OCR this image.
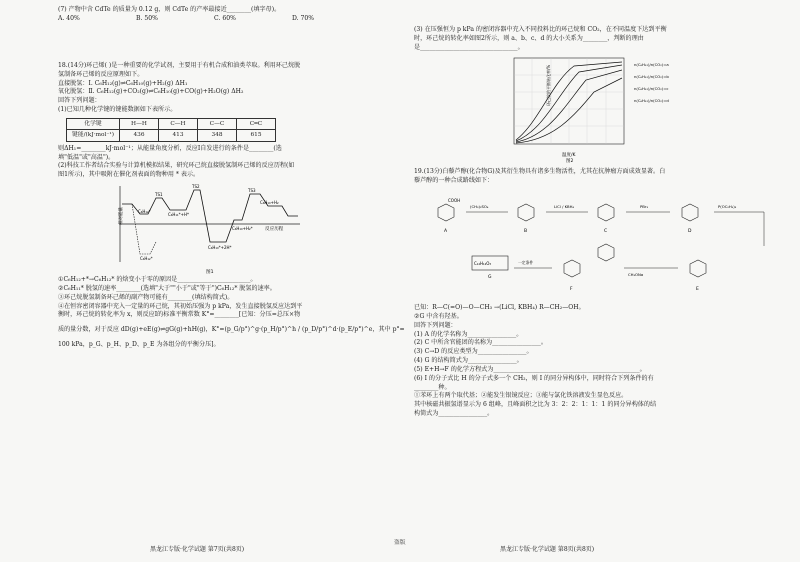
(7) 产物中含 CdTe 的质量为 0.12 g，则 CdTe 的产率最接近________(填字母)。
A. 40%	B. 50%	C. 60%	D. 70%
18.(14分)环己烯( )是一种重要的化学试剂，主要用于有机合成和油类萃取。利用环己烷脱
氢制备环己烯的反应原理如下。
直接脱氢：Ⅰ. C₆H₁₂(g)⇌C₆H₁₀(g)+H₂(g) ΔH₁
氧化脱氢：Ⅱ. C₆H₁₂(g)+CO₂(g)⇌C₆H₁₀(g)+CO(g)+H₂O(g) ΔH₂
回答下列问题：
(1)已知几种化学键的键能数据如下表所示。
化学键	H—H	C—H	C—C	C═C
键能/(kJ·mol⁻¹)	436	413	348	615
则ΔH₁=________kJ·mol⁻¹；从能量角度分析，反应Ⅰ自发进行的条件是________(选
填"低温"或"高温")。
(2)科技工作者结合实验与计算机模拟结果，研究环己烷直接脱氢制环己烯的反应历程(如
图1所示)，其中吸附在催化剂表面的物种用 * 表示。
相对能量
反应历程
C₆H₁₂*
TS1
C₆H₁₁*+H*
TS2
C₆H₁₀*+2H*
TS3
C₆H₁₀+H₂
C₆H₁₀+H₂*
C₆H₁₂*
图1
①C₆H₁₂+*→C₆H₁₂* 的焓变小于零的原因是________________________。
②C₆H₁₁* 脱氢的速率________(选填"大于""小于"或"等于")C₆H₁₂* 脱氢的速率。
③环己烷脱氢制备环己烯的副产物可能有________(填结构简式)。
④在恒容密闭容器中充入一定量的环己烷，其初始压强为 p kPa，发生直接脱氢反应达到平
衡时，环己烷的转化率为 x，则反应Ⅰ的标准平衡常数 K°=________[已知：分压=总压×物
质的量分数，对于反应 dD(g)+eE(g)⇌gG(g)+hH(g)，K°=(p_G/p°)^g·(p_H/p°)^h / (p_D/p°)^d·(p_E/p°)^e，其中 p°=
100 kPa，p_G、p_H、p_D、p_E 为各组分的平衡分压]。
黑龙江专版·化学试题 第7页(共8页)
盗版
(3) 在压强恒为 p kPa 的密闭容器中充入不同投料比的环己烷和 CO₂，在不同温度下达到平衡
时，环己烷的转化率如图2所示，则 a、b、c、d 的大小关系为________，判断的理由
是________________________________。
环己烷的平衡转化率/%
温度/K
n(C₆H₁₂)/n(CO₂)=a
n(C₆H₁₂)/n(CO₂)=b
n(C₆H₁₂)/n(CO₂)=c
n(C₆H₁₂)/n(CO₂)=d
图2
19.(13分)白藜芦醇(化合物G)及其衍生物具有诸多生物活性，尤其在抗肿瘤方面成效显著。白
藜芦醇的一种合成路线如下：
COOH
A	B	C	D
E
F
G
C₁₄H₁₂O₃
(CH₃)₂SO₄	LiCl / KBH₄	PBr₃	P(OC₂H₅)₃
CH₃ONa
一定条件
已知：R—C(=O)—O—CH₃ →(LiCl, KBH₄) R—CH₂—OH。
②G 中含有羟基。
回答下列问题：
(1) A 的化学名称为________________。
(2) C 中所含官能团的名称为________________。
(3) C→D 的反应类型为________________。
(4) G 的结构简式为________________。
(5) E+H→F 的化学方程式为________________________________________________。
(6) I 的分子式比 H 的分子式多一个 CH₂，则 I 的同分异构体中，同时符合下列条件的有
________种。
①苯环上有两个取代基；②能发生银镜反应；③能与氯化铁溶液发生显色反应。
其中核磁共振氢谱显示为 6 组峰，且峰面积之比为 3：2：2：1：1：1 的同分异构体的结
构简式为________________。
黑龙江专版·化学试题 第8页(共8页)
